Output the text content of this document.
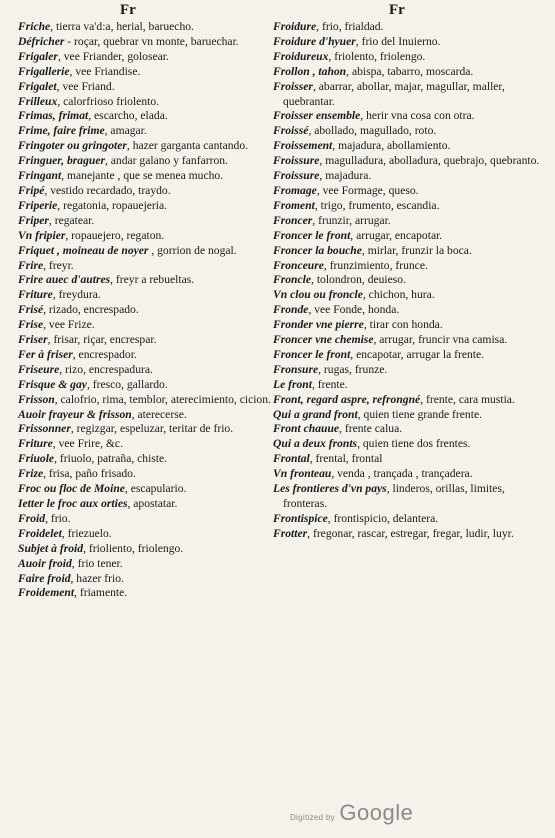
Fr	Fr

Friche, tierra va'd:a, herial, baruecho.

Défricher - roçar, quebrar vn monte, baruechar.

Frigaler, vee Friander, golosear.

Frigallerie, vee Friandise.

Frigalet, vee Friand.

Frilleux, calorfrioso friolento.

Frimas, frimat, escarcho, elada.

Frime, faire frime, amagar.

Fringoter ou gringoter, hazer garganta cantando.

Fringuer, braguer, andar galano y fanfarron.

Fringant, manejante , que se menea mucho.

Fripé, vestido recardado, traydo.

Friperie, regatonia, ropauejeria.

Friper, regatear.

Vn fripier, ropauejero, regaton.

Friquet , moineau de noyer , gorrion de nogal.

Frire, freyr.

Frire auec d'autres, freyr a rebueltas.

Friture, freydura.

Frisé, rizado, encrespado.

Frise, vee Frize.

Friser, frisar, riçar, encrespar.

Fer à friser, encrespador.

Friseure, rizo, encrespadura.

Frisque & gay, fresco, gallardo.

Frisson, calofrio, rima, temblor, aterecimiento, cicion.

Auoir frayeur & frisson, aterecerse.

Frissonner, regizgar, espeluzar, teritar de frio.

Friture, vee Frire, &c.

Friuole, friuolo, patraña, chiste.

Frize, frisa, paño frisado.

Froc ou floc de Moine, escapulario.

Ietter le froc aux orties, apostatar.

Froid, frio.

Froidelet, friezuelo.

Subjet à froid, frioliento, friolengo.

Auoir froid, frio tener.

Faire froid, hazer frio.

Froidement, friamente.

Froidure, frio, frialdad.

Froidure d'hyuer, frio del Inuierno.

Froidureux, friolento, friolengo.

Frollon , tahon, abispa, tabarro, moscarda.

Froisser, abarrar, abollar, majar, magullar, maller, quebrantar.

Froisser ensemble, herir vna cosa con otra.

Froissé, abollado, magullado, roto.

Froissement, majadura, abollamiento.

Froissure, magulladura, abolladura, quebrajo, quebranto.

Froissure, majadura.

Fromage, vee Formage, queso.

Froment, trigo, frumento, escandia.

Froncer, frunzir, arrugar.

Froncer le front, arrugar, encapotar.

Froncer la bouche, mirlar, frunzir la boca.

Fronceure, frunzimiento, frunce.

Froncle, tolondron, deuieso.

Vn clou ou froncle, chichon, hura.

Fronde, vee Fonde, honda.

Fronder vne pierre, tirar con honda.

Froncer vne chemise, arrugar, fruncir vna camisa.

Froncer le front, encapotar, arrugar la frente.

Fronsure, rugas, frunze.

Le front, frente.

Front, regard aspre, refrongné, frente, cara mustia.

Qui a grand front, quien tiene grande frente.

Front chauue, frente calua.

Qui a deux fronts, quien tiene dos frentes.

Frontal, frental, frontal

Vn fronteau, venda , trançada , trançadera.

Les frontieres d'vn pays, linderos, orillas, limites, fronteras.

Frontispice, frontispicio, delantera.

Frotter, fregonar, rascar, estregar, fregar, ludir, luyr.

Digitized by Google
